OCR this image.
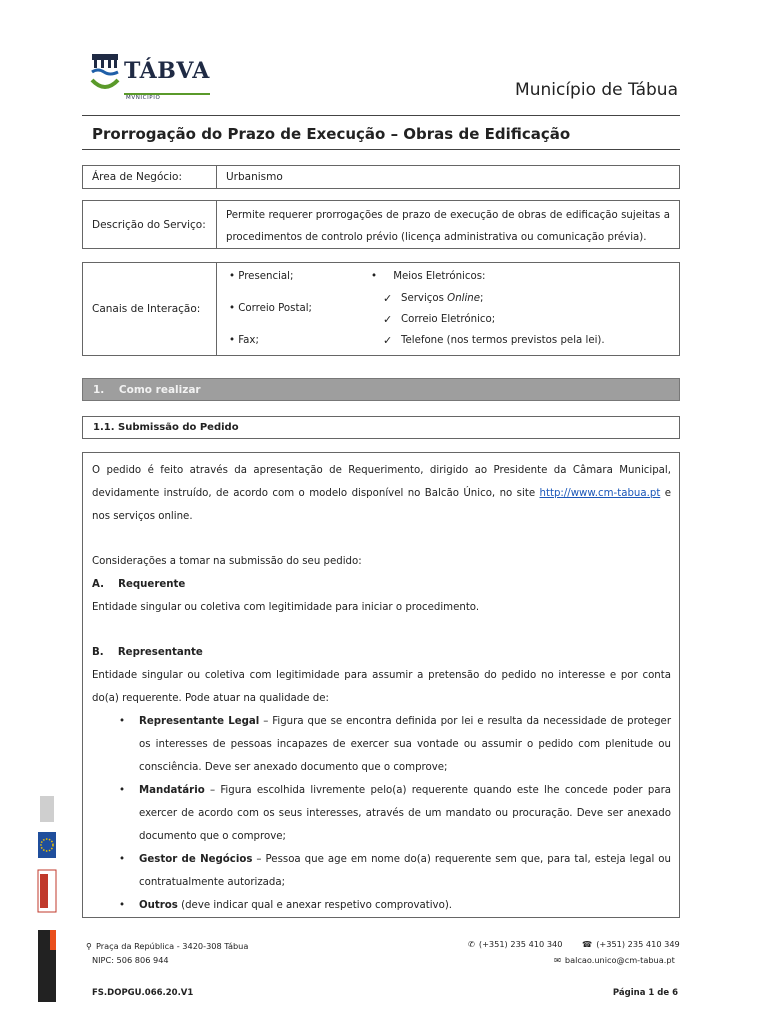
TÁBVA
MVNICIPIO	Município de Tábua
Prorrogação do Prazo de Execução – Obras de Edificação
Área de Negócio:	Urbanismo
Descrição do Serviço:
Permite requerer prorrogações de prazo de execução de obras de edificação sujeitas a procedimentos de controlo prévio (licença administrativa ou comunicação prévia).
Canais de Interação:
• Presencial;
• Correio Postal;
• Fax;
•     Meios Eletrónicos:
✓ Serviços Online;
✓ Correio Eletrónico;
✓ Telefone (nos termos previstos pela lei).
1.    Como realizar
1.1. Submissão do Pedido
O pedido é feito através da apresentação de Requerimento, dirigido ao Presidente da Câmara Municipal,
devidamente instruído, de acordo com o modelo disponível no Balcão Único, no site http://www.cm-tabua.pt e
nos serviços online.
Considerações a tomar na submissão do seu pedido:
A.    Requerente
Entidade singular ou coletiva com legitimidade para iniciar o procedimento.
B.    Representante
Entidade singular ou coletiva com legitimidade para assumir a pretensão do pedido no interesse e por conta do(a) requerente. Pode atuar na qualidade de:
• Representante Legal – Figura que se encontra definida por lei e resulta da necessidade de proteger os interesses de pessoas incapazes de exercer sua vontade ou assumir o pedido com plenitude ou consciência. Deve ser anexado documento que o comprove;
• Mandatário – Figura escolhida livremente pelo(a) requerente quando este lhe concede poder para exercer de acordo com os seus interesses, através de um mandato ou procuração. Deve ser anexado documento que o comprove;
• Gestor de Negócios – Pessoa que age em nome do(a) requerente sem que, para tal, esteja legal ou contratualmente autorizada;
• Outros (deve indicar qual e anexar respetivo comprovativo).
⚲ Praça da República - 3420-308 Tábua
NIPC: 506 806 944
✆ (+351) 235 410 340 ☎ (+351) 235 410 349
✉ balcao.unico@cm-tabua.pt
FS.DOPGU.066.20.V1	Página 1 de 6
